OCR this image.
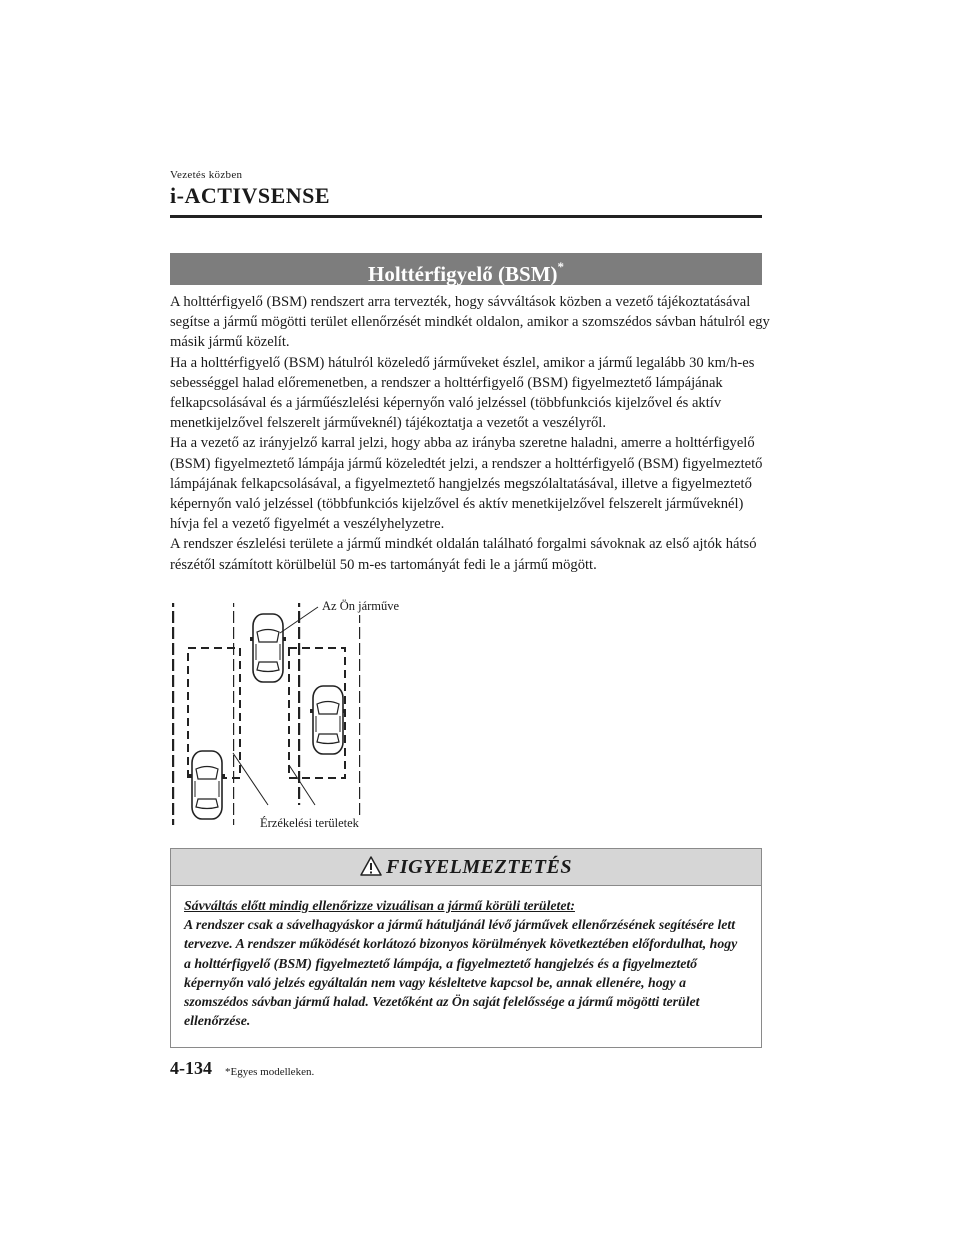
Vezetés közben
i-ACTIVSENSE
Holttérfigyelő (BSM)*

A holttérfigyelő (BSM) rendszert arra tervezték, hogy sávváltások közben a vezető tájékoztatásával segítse a jármű mögötti terület ellenőrzését mindkét oldalon, amikor a szomszédos sávban hátulról egy másik jármű közelít.

Ha a holttérfigyelő (BSM) hátulról közeledő járműveket észlel, amikor a jármű legalább 30 km/h-es sebességgel halad előremenetben, a rendszer a holttérfigyelő (BSM) figyelmeztető lámpájának felkapcsolásával és a járműészlelési képernyőn való jelzéssel (többfunkciós kijelzővel és aktív menetkijelzővel felszerelt járműveknél) tájékoztatja a vezetőt a veszélyről.

Ha a vezető az irányjelző karral jelzi, hogy abba az irányba szeretne haladni, amerre a holttérfigyelő (BSM) figyelmeztető lámpája jármű közeledtét jelzi, a rendszer a holttérfigyelő (BSM) figyelmeztető lámpájának felkapcsolásával, a figyelmeztető hangjelzés megszólaltatásával, illetve a figyelmeztető képernyőn való jelzéssel (többfunkciós kijelzővel és aktív menetkijelzővel felszerelt járműveknél) hívja fel a vezető figyelmét a veszélyhelyzetre.

A rendszer észlelési területe a jármű mindkét oldalán található forgalmi sávoknak az első ajtók hátsó részétől számított körülbelül 50 m-es tartományát fedi le a jármű mögött.

Az Ön járműve
Érzékelési területek
FIGYELMEZTETÉS
Sávváltás előtt mindig ellenőrizze vizuálisan a jármű körüli területet:
A rendszer csak a sávelhagyáskor a jármű hátuljánál lévő járművek ellenőrzésének segítésére lett tervezve. A rendszer működését korlátozó bizonyos körülmények következtében előfordulhat, hogy a holttérfigyelő (BSM) figyelmeztető lámpája, a figyelmeztető hangjelzés és a figyelmeztető képernyőn való jelzés egyáltalán nem vagy késleltetve kapcsol be, annak ellenére, hogy a szomszédos sávban jármű halad. Vezetőként az Ön saját felelőssége a jármű mögötti terület ellenőrzése.
4-134 *Egyes modelleken.
